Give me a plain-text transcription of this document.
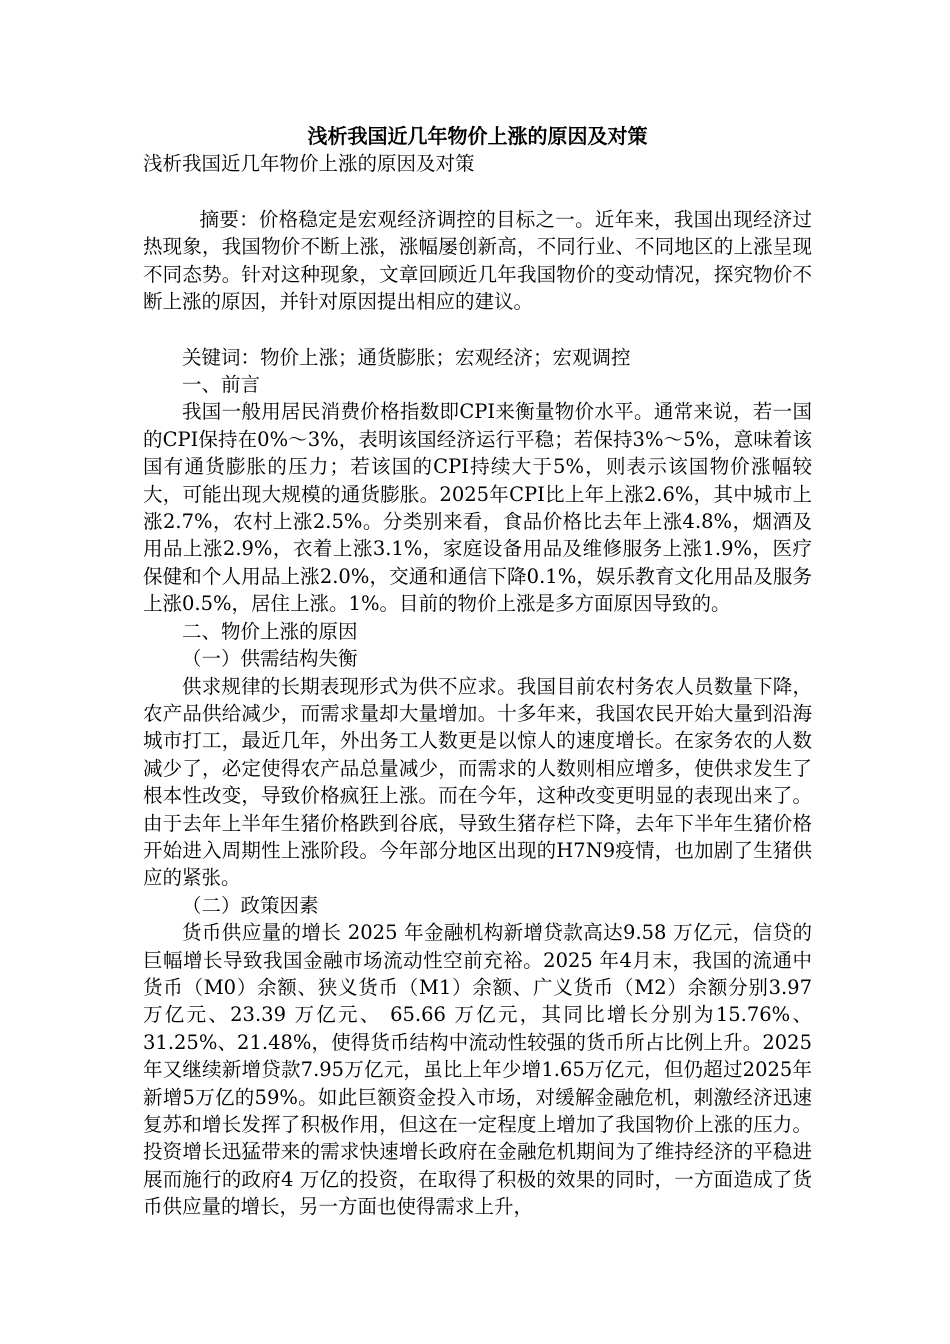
浅析我国近几年物价上涨的原因及对策

浅析我国近几年物价上涨的原因及对策

摘要：价格稳定是宏观经济调控的目标之一。近年来，我国出现经济过热现象，我国物价不断上涨，涨幅屡创新高，不同行业、不同地区的上涨呈现不同态势。针对这种现象，文章回顾近几年我国物价的变动情况，探究物价不断上涨的原因，并针对原因提出相应的建议。

关键词：物价上涨；通货膨胀；宏观经济；宏观调控

一、前言

我国一般用居民消费价格指数即CPI来衡量物价水平。通常来说，若一国的CPI保持在0%～3%，表明该国经济运行平稳；若保持3%～5%，意味着该国有通货膨胀的压力；若该国的CPI持续大于5%，则表示该国物价涨幅较大，可能出现大规模的通货膨胀。2025年CPI比上年上涨2.6%，其中城市上涨2.7%，农村上涨2.5%。分类别来看，食品价格比去年上涨4.8%，烟酒及用品上涨2.9%，衣着上涨3.1%，家庭设备用品及维修服务上涨1.9%，医疗保健和个人用品上涨2.0%，交通和通信下降0.1%，娱乐教育文化用品及服务上涨0.5%，居住上涨。1%。目前的物价上涨是多方面原因导致的。

二、物价上涨的原因

（一）供需结构失衡

供求规律的长期表现形式为供不应求。我国目前农村务农人员数量下降，农产品供给减少，而需求量却大量增加。十多年来，我国农民开始大量到沿海城市打工，最近几年，外出务工人数更是以惊人的速度增长。在家务农的人数减少了，必定使得农产品总量减少，而需求的人数则相应增多，使供求发生了根本性改变，导致价格疯狂上涨。而在今年，这种改变更明显的表现出来了。由于去年上半年生猪价格跌到谷底，导致生猪存栏下降，去年下半年生猪价格开始进入周期性上涨阶段。今年部分地区出现的H7N9疫情，也加剧了生猪供应的紧张。

（二）政策因素

货币供应量的增长 2025 年金融机构新增贷款高达9.58 万亿元，信贷的巨幅增长导致我国金融市场流动性空前充裕。2025 年4月末，我国的流通中货币（M0）余额、狭义货币（M1）余额、广义货币（M2）余额分别3.97 万亿元、23.39 万亿元、 65.66 万亿元，其同比增长分别为15.76%、31.25%、21.48%，使得货币结构中流动性较强的货币所占比例上升。2025年又继续新增贷款7.95万亿元，虽比上年少增1.65万亿元，但仍超过2025年新增5万亿的59%。如此巨额资金投入市场，对缓解金融危机，刺激经济迅速复苏和增长发挥了积极作用，但这在一定程度上增加了我国物价上涨的压力。投资增长迅猛带来的需求快速增长政府在金融危机期间为了维持经济的平稳进展而施行的政府4 万亿的投资，在取得了积极的效果的同时，一方面造成了货币供应量的增长，另一方面也使得需求上升，
